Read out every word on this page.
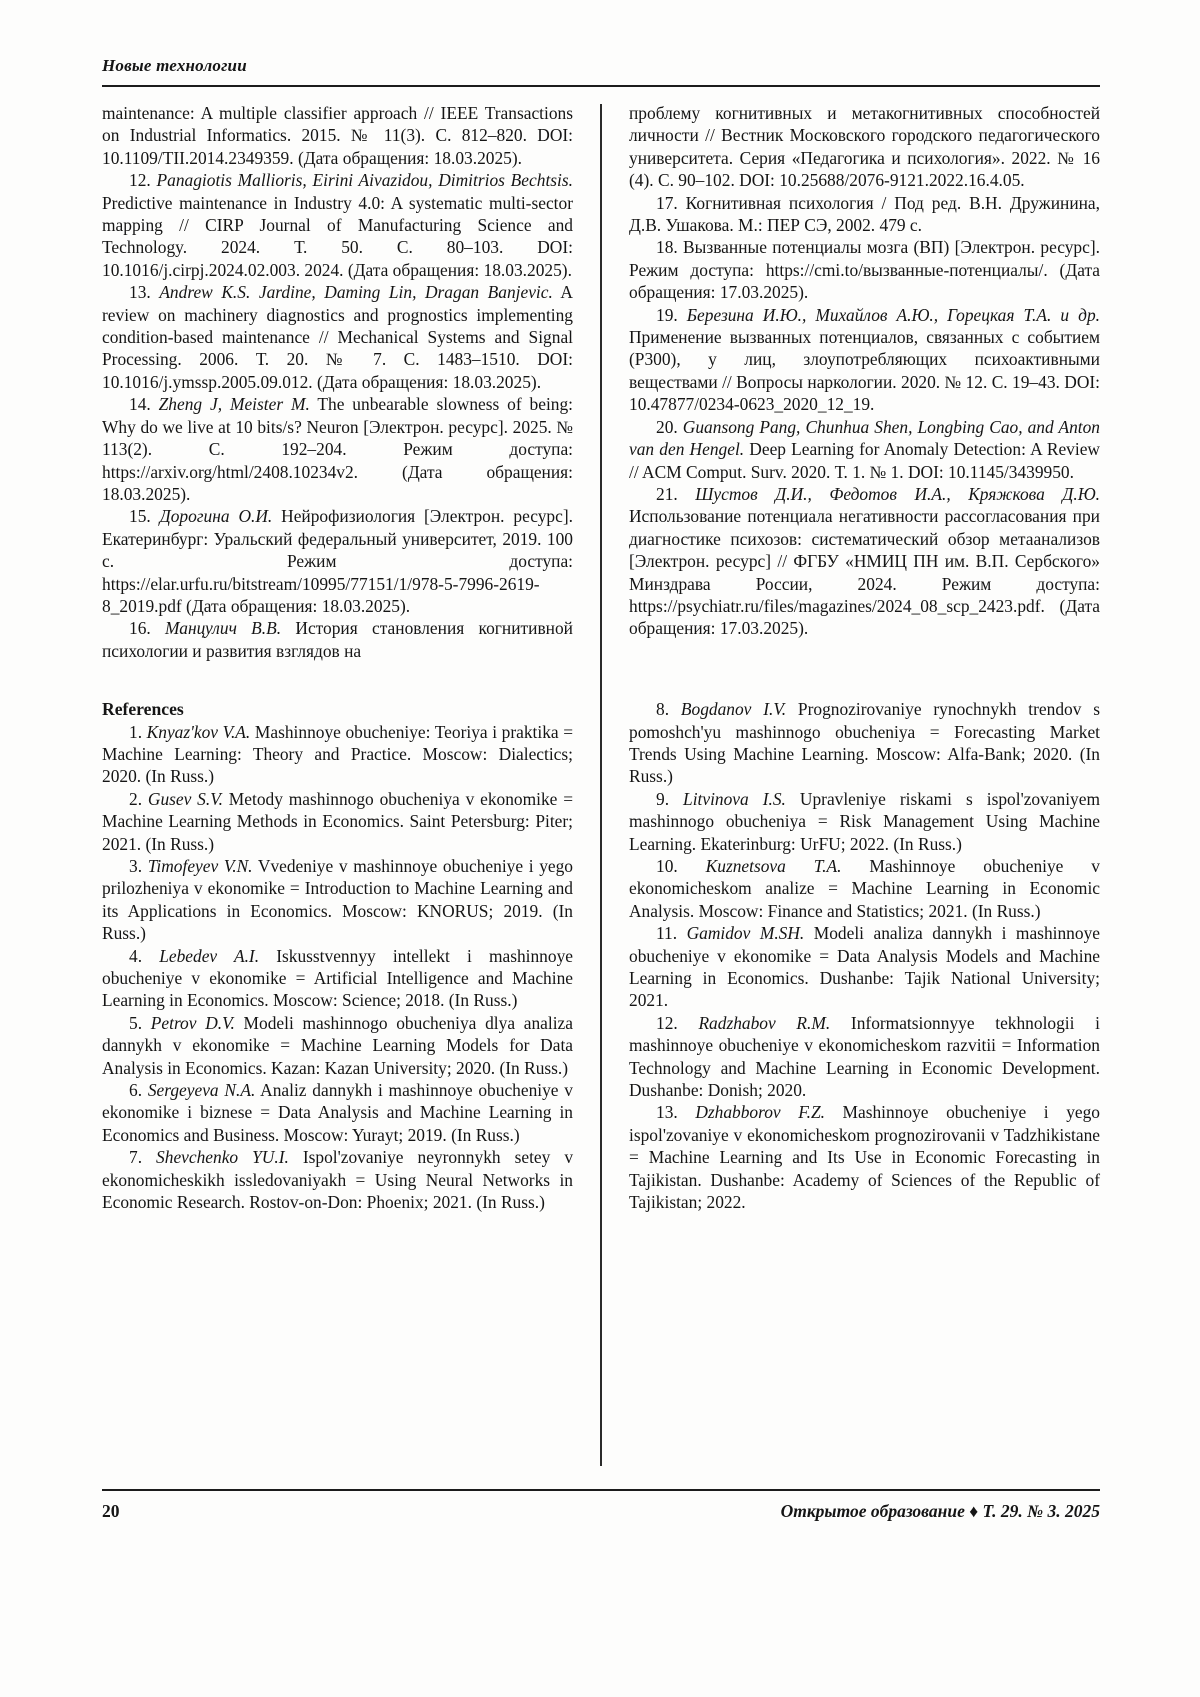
Новые технологии

maintenance: A multiple classifier approach // IEEE Transactions on Industrial Informatics. 2015. № 11(3). С. 812–820. DOI: 10.1109/TII.2014.2349359. (Дата обращения: 18.03.2025).

12. Panagiotis Mallioris, Eirini Aivazidou, Dimitrios Bechtsis. Predictive maintenance in Industry 4.0: A systematic multi-sector mapping // CIRP Journal of Manufacturing Science and Technology. 2024. Т. 50. С. 80–103. DOI: 10.1016/j.cirpj.2024.02.003. 2024. (Дата обращения: 18.03.2025).

13. Andrew K.S. Jardine, Daming Lin, Dragan Banjevic. A review on machinery diagnostics and prognostics implementing condition-based maintenance // Mechanical Systems and Signal Processing. 2006. Т. 20. № 7. С. 1483–1510. DOI: 10.1016/j.ymssp.2005.09.012. (Дата обращения: 18.03.2025).

14. Zheng J, Meister M. The unbearable slowness of being: Why do we live at 10 bits/s? Neuron [Электрон. ресурс]. 2025. № 113(2). С. 192–204. Режим доступа: https://arxiv.org/html/2408.10234v2. (Дата обращения: 18.03.2025).

15. Дорогина О.И. Нейрофизиология [Электрон. ресурс]. Екатеринбург: Уральский федеральный университет, 2019. 100 с. Режим доступа: https://elar.urfu.ru/bitstream/10995/77151/1/978-5-7996-2619-8_2019.pdf (Дата обращения: 18.03.2025).

16. Манцулич В.В. История становления когнитивной психологии и развития взглядов на

проблему когнитивных и метакогнитивных способностей личности // Вестник Московского городского педагогического университета. Серия «Педагогика и психология». 2022. № 16 (4). С. 90–102. DOI: 10.25688/2076-9121.2022.16.4.05.

17. Когнитивная психология / Под ред. В.Н. Дружинина, Д.В. Ушакова. М.: ПЕР СЭ, 2002. 479 с.

18. Вызванные потенциалы мозга (ВП) [Электрон. ресурс]. Режим доступа: https://cmi.to/вызванные-потенциалы/. (Дата обращения: 17.03.2025).

19. Березина И.Ю., Михайлов А.Ю., Горецкая Т.А. и др. Применение вызванных потенциалов, связанных с событием (P300), у лиц, злоупотребляющих психоактивными веществами // Вопросы наркологии. 2020. № 12. С. 19–43. DOI: 10.47877/0234-0623_2020_12_19.

20. Guansong Pang, Chunhua Shen, Longbing Cao, and Anton van den Hengel. Deep Learning for Anomaly Detection: A Review // ACM Comput. Surv. 2020. Т. 1. № 1. DOI: 10.1145/3439950.

21. Шустов Д.И., Федотов И.А., Кряжкова Д.Ю. Использование потенциала негативности рассогласования при диагностике психозов: систематический обзор метаанализов [Электрон. ресурс] // ФГБУ «НМИЦ ПН им. В.П. Сербского» Минздрава России, 2024. Режим доступа: https://psychiatr.ru/files/magazines/2024_08_scp_2423.pdf. (Дата обращения: 17.03.2025).

References

1. Knyaz'kov V.A. Mashinnoye obucheniye: Teoriya i praktika = Machine Learning: Theory and Practice. Moscow: Dialectics; 2020. (In Russ.)

2. Gusev S.V. Metody mashinnogo obucheniya v ekonomike = Machine Learning Methods in Economics. Saint Petersburg: Piter; 2021. (In Russ.)

3. Timofeyev V.N. Vvedeniye v mashinnoye obucheniye i yego prilozheniya v ekonomike = Introduction to Machine Learning and its Applications in Economics. Moscow: KNORUS; 2019. (In Russ.)

4. Lebedev A.I. Iskusstvennyy intellekt i mashinnoye obucheniye v ekonomike = Artificial Intelligence and Machine Learning in Economics. Moscow: Science; 2018. (In Russ.)

5. Petrov D.V. Modeli mashinnogo obucheniya dlya analiza dannykh v ekonomike = Machine Learning Models for Data Analysis in Economics. Kazan: Kazan University; 2020. (In Russ.)

6. Sergeyeva N.A. Analiz dannykh i mashinnoye obucheniye v ekonomike i biznese = Data Analysis and Machine Learning in Economics and Business. Moscow: Yurayt; 2019. (In Russ.)

7. Shevchenko YU.I. Ispol'zovaniye neyronnykh setey v ekonomicheskikh issledovaniyakh = Using Neural Networks in Economic Research. Rostov-on-Don: Phoenix; 2021. (In Russ.)

8. Bogdanov I.V. Prognozirovaniye rynochnykh trendov s pomoshch'yu mashinnogo obucheniya = Forecasting Market Trends Using Machine Learning. Moscow: Alfa-Bank; 2020. (In Russ.)

9. Litvinova I.S. Upravleniye riskami s ispol'zovaniyem mashinnogo obucheniya = Risk Management Using Machine Learning. Ekaterinburg: UrFU; 2022. (In Russ.)

10. Kuznetsova T.A. Mashinnoye obucheniye v ekonomicheskom analize = Machine Learning in Economic Analysis. Moscow: Finance and Statistics; 2021. (In Russ.)

11. Gamidov M.SH. Modeli analiza dannykh i mashinnoye obucheniye v ekonomike = Data Analysis Models and Machine Learning in Economics. Dushanbe: Tajik National University; 2021.

12. Radzhabov R.M. Informatsionnyye tekhnologii i mashinnoye obucheniye v ekonomicheskom razvitii = Information Technology and Machine Learning in Economic Development. Dushanbe: Donish; 2020.

13. Dzhabborov F.Z. Mashinnoye obucheniye i yego ispol'zovaniye v ekonomicheskom prognozirovanii v Tadzhikistane = Machine Learning and Its Use in Economic Forecasting in Tajikistan. Dushanbe: Academy of Sciences of the Republic of Tajikistan; 2022.

20	Открытое образование ♦ Т. 29. № 3. 2025
